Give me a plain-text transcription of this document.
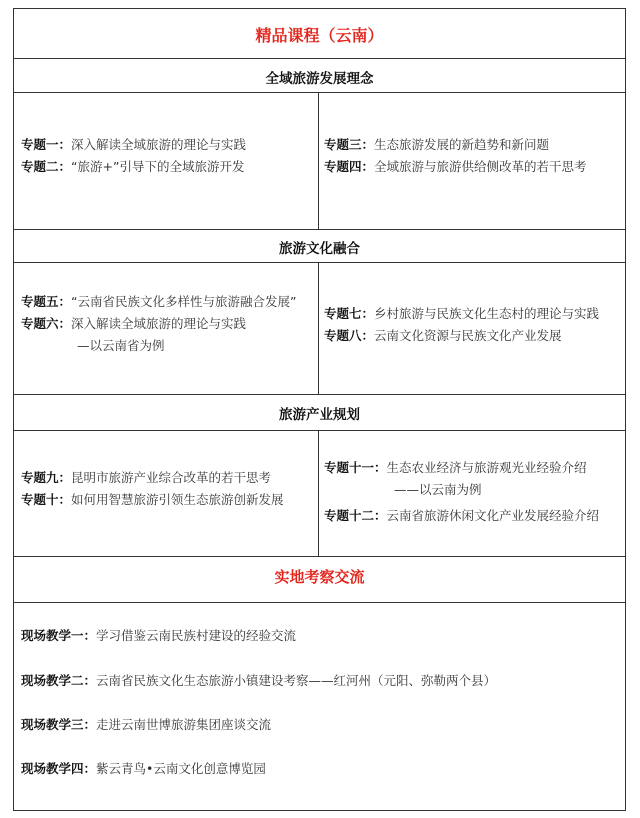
精品课程（云南）
全域旅游发展理念
专题一：深入解读全域旅游的理论与实践
专题二：“旅游+”引导下的全域旅游开发
专题三：生态旅游发展的新趋势和新问题
专题四：全域旅游与旅游供给侧改革的若干思考
旅游文化融合
专题五：“云南省民族文化多样性与旅游融合发展”
专题六：深入解读全域旅游的理论与实践
—以云南省为例
专题七：乡村旅游与民族文化生态村的理论与实践
专题八：云南文化资源与民族文化产业发展
旅游产业规划
专题九：昆明市旅游产业综合改革的若干思考
专题十：如何用智慧旅游引领生态旅游创新发展
专题十一：生态农业经济与旅游观光业经验介绍
——以云南为例
专题十二：云南省旅游休闲文化产业发展经验介绍
实地考察交流
现场教学一：学习借鉴云南民族村建设的经验交流
现场教学二：云南省民族文化生态旅游小镇建设考察——红河州（元阳、弥勒两个县）
现场教学三：走进云南世博旅游集团座谈交流
现场教学四：紫云青鸟•云南文化创意博览园
